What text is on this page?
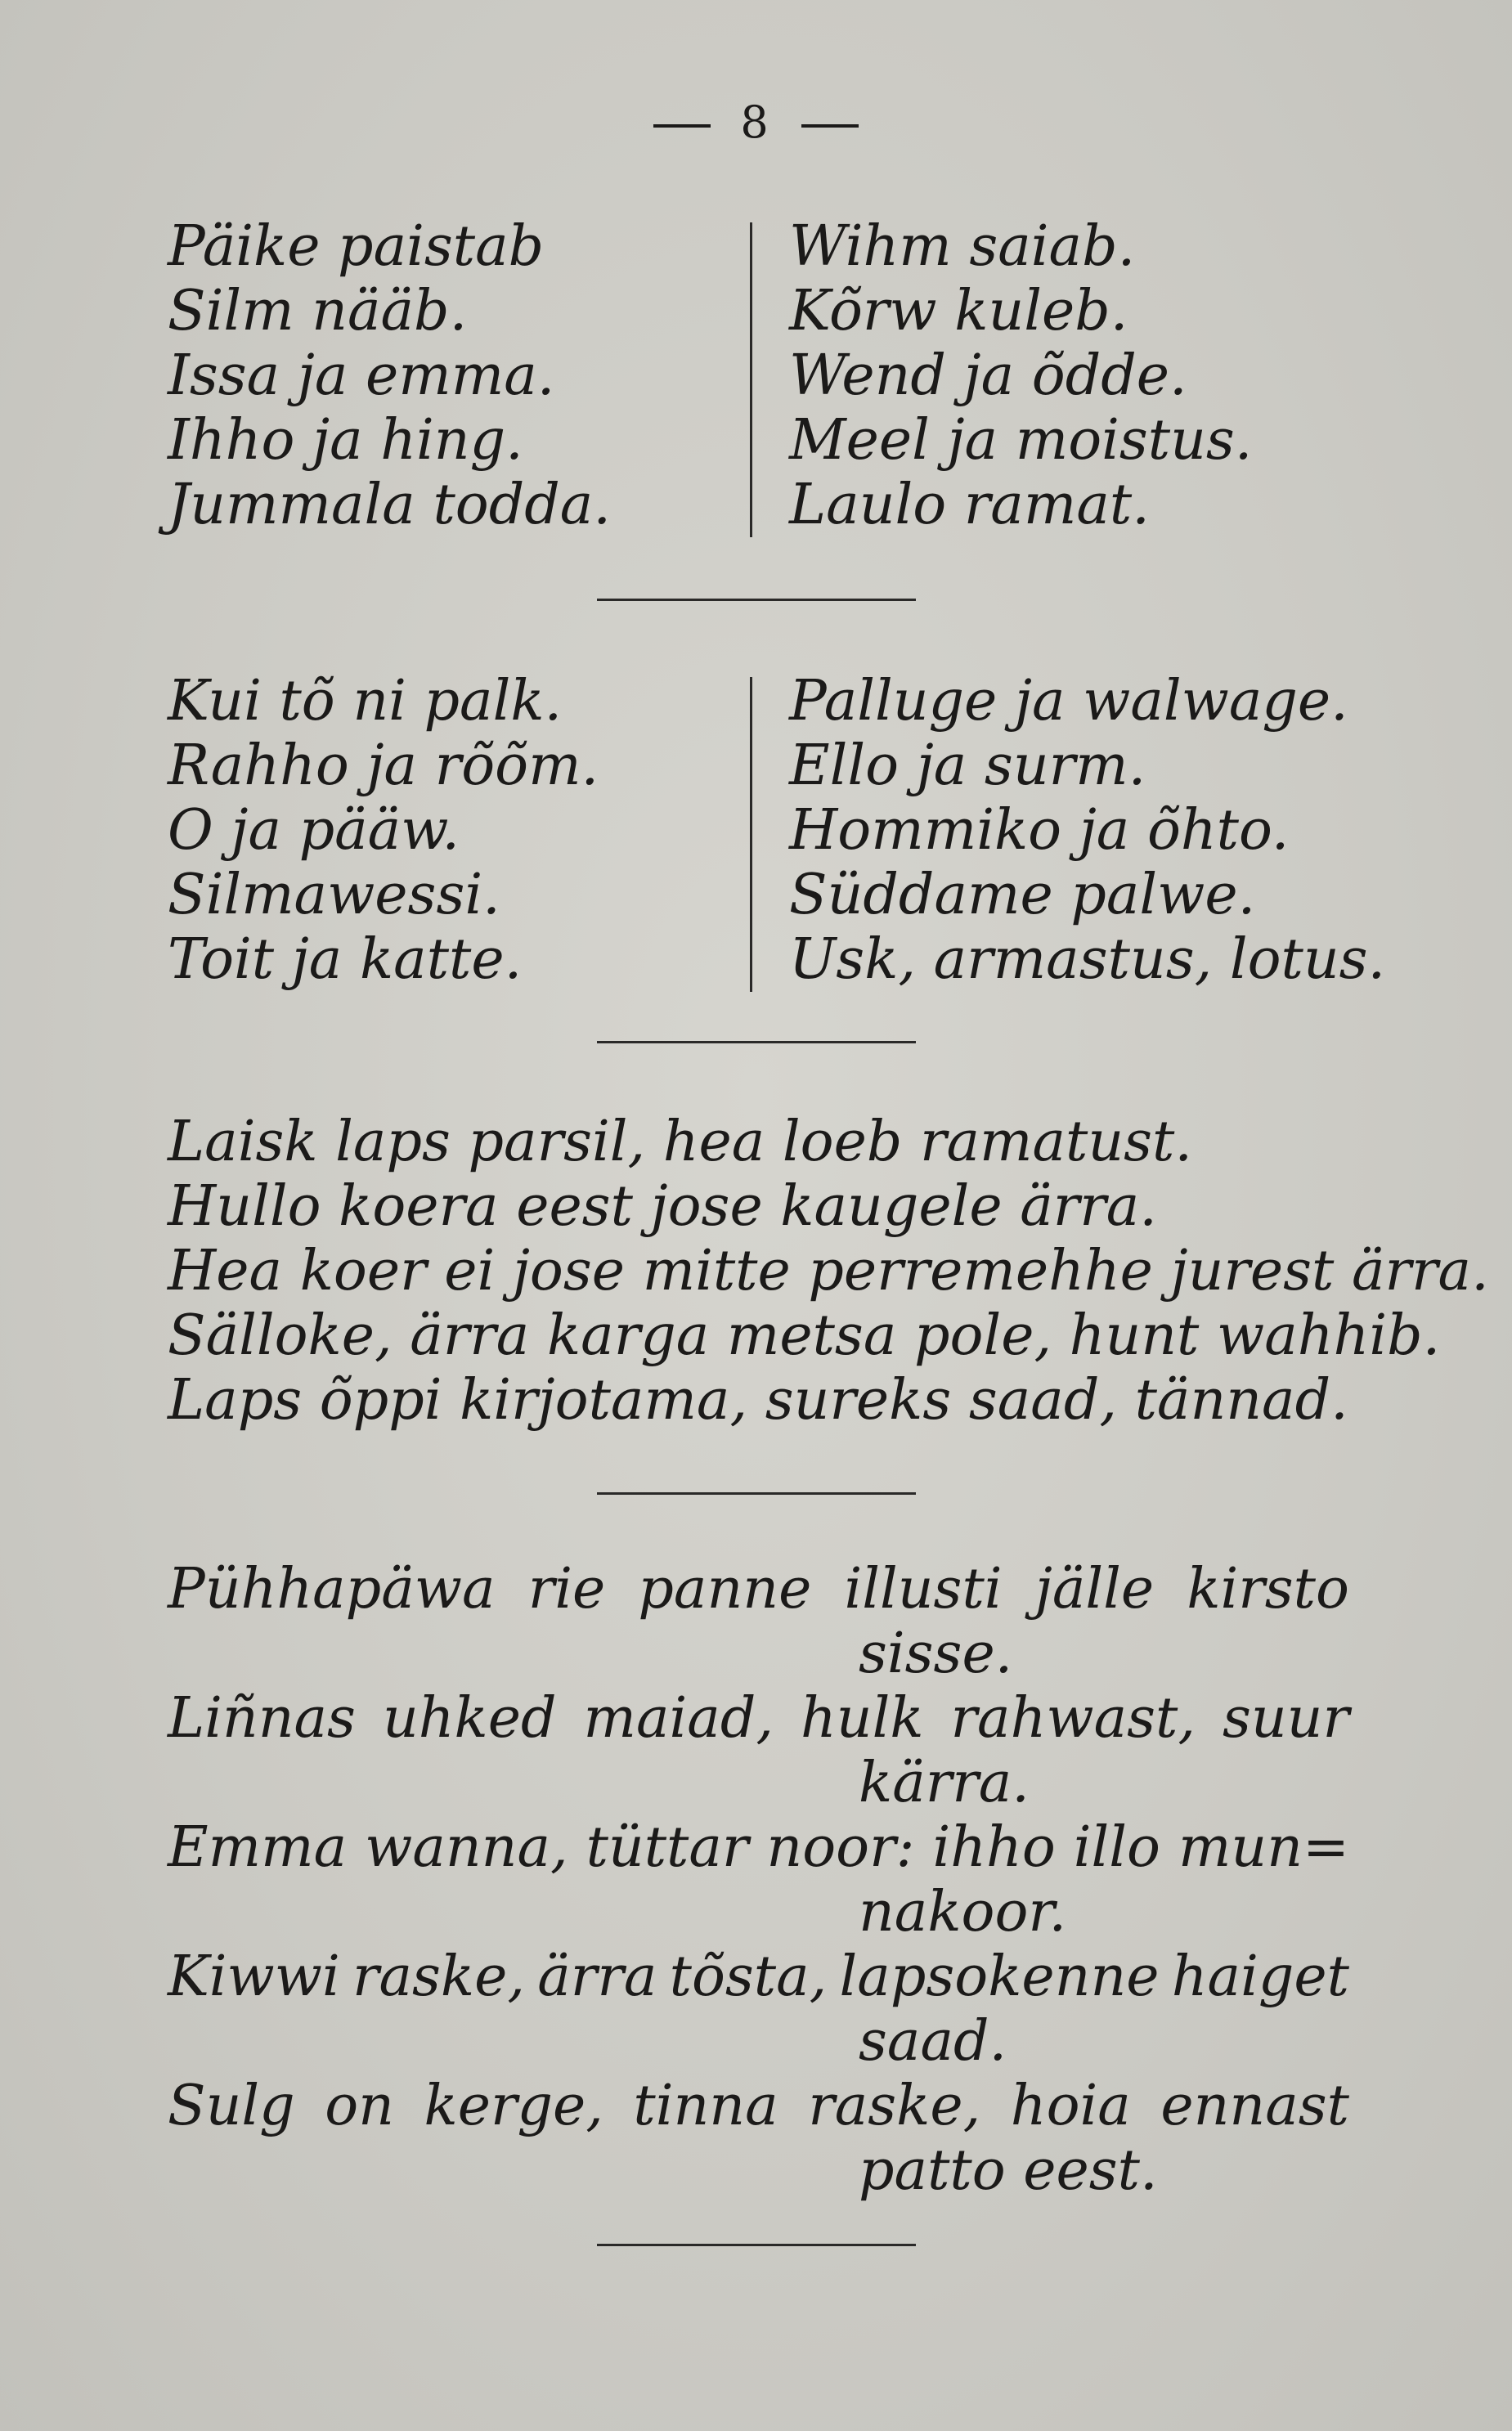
8
Päike paistab
Silm nääb.
Issa ja emma.
Ihho ja hing.
Jummala todda.
Wihm saiab.
Kõrw kuleb.
Wend ja õdde.
Meel ja moistus.
Laulo ramat.
Kui tõ ni palk.
Rahho ja rõõm.
O ja pääw.
Silmawessi.
Toit ja katte.
Palluge ja walwage.
Ello ja surm.
Hommiko ja õhto.
Süddame palwe.
Usk, armastus, lotus.
Laisk laps parsil, hea loeb ramatust.
Hullo koera eest jose kaugele ärra.
Hea koer ei jose mitte perremehhe jurest ärra.
Sälloke, ärra karga metsa pole, hunt wahhib.
Laps õppi kirjotama, sureks saad, tännad.
Pühhapäwa rie panne illusti jälle kirsto
sisse.
Liñnas uhked maiad, hulk rahwast, suur
kärra.
Emma wanna, tüttar noor: ihho illo mun=
nakoor.
Kiwwi raske, ärra tõsta, lapsokenne haiget
saad.
Sulg on kerge, tinna raske, hoia ennast
patto eest.
